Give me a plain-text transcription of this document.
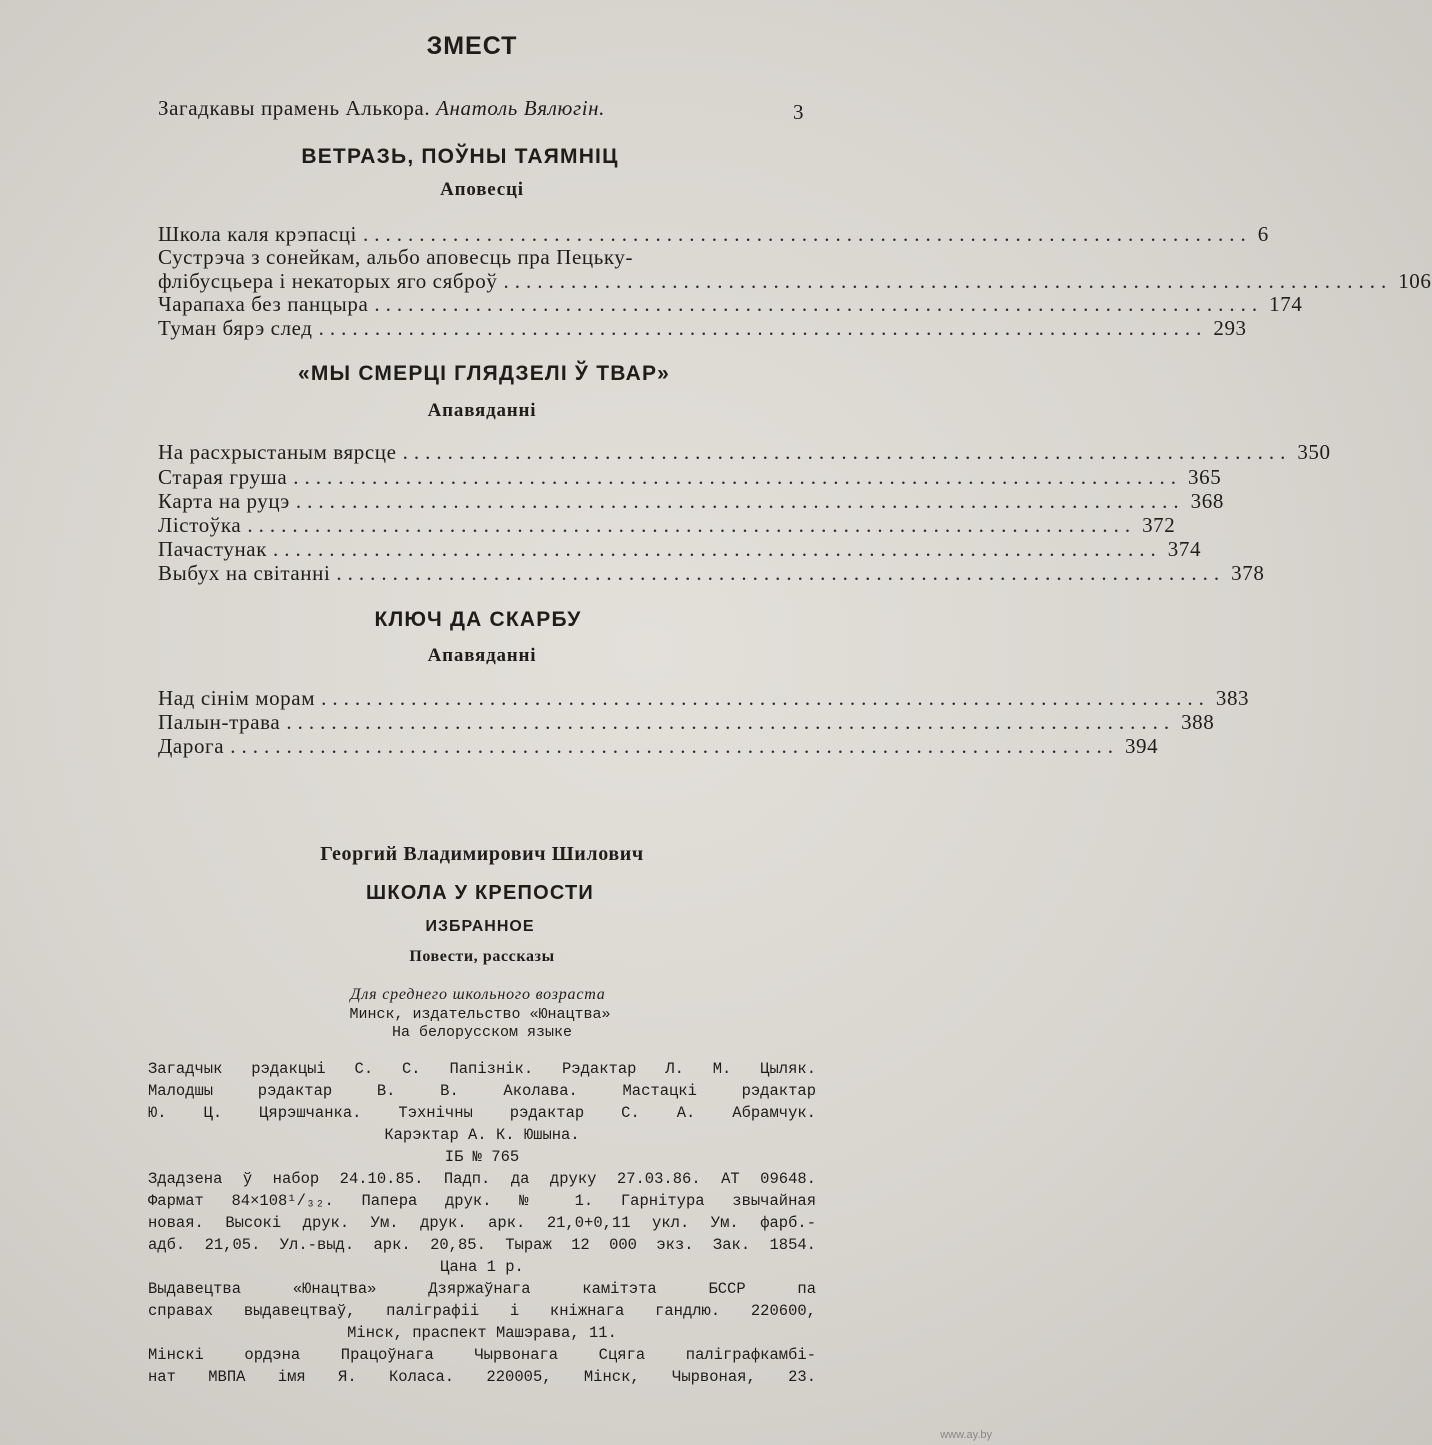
ЗМЕСТ

Загадкавы прамень Алькора. Анатоль Вялюгін.	3
ВЕТРАЗЬ, ПОЎНЫ ТАЯМНІЦ
Аповесці
Школа каля крэпасці ............................................................................... 6
Сустрэча з сонейкам, альбо аповесць пра Пецьку-
флібусцьера і некаторых яго сяброў ............................................................................... 106
Чарапаха без панцыра ............................................................................... 174
Туман бярэ след ............................................................................... 293
«МЫ СМЕРЦІ ГЛЯДЗЕЛІ Ў ТВАР»
Апавяданні
На расхрыстаным вярсце ............................................................................... 350
Старая груша ............................................................................... 365
Карта на руцэ ............................................................................... 368
Лістоўка ............................................................................... 372
Пачастунак ............................................................................... 374
Выбух на світанні ............................................................................... 378
КЛЮЧ ДА СКАРБУ
Апавяданні
Над сінім морам ............................................................................... 383
Палын-трава ............................................................................... 388
Дарога ............................................................................... 394
Георгий Владимирович Шилович
ШКОЛА У КРЕПОСТИ
ИЗБРАННОЕ
Повести, рассказы
Для среднего школьного возраста
Минск, издательство «Юнацтва»
На белорусском языке
Загадчык рэдакцыі С. С. Папізнік. Рэдактар Л. М. Цыляк.
Малодшы рэдактар В. В. Аколава. Мастацкі рэдактар
Ю. Ц. Цярэшчанка. Тэхнічны рэдактар С. А. Абрамчук.
Карэктар А. К. Юшына.
ІБ № 765
Здадзена ў набор 24.10.85. Падп. да друку 27.03.86. АТ 09648.
Фармат 84×108¹/₃₂. Папера друк. № 1. Гарнітура звычайная
новая. Высокі друк. Ум. друк. арк. 21,0+0,11 укл. Ум. фарб.-
адб. 21,05. Ул.-выд. арк. 20,85. Тыраж 12 000 экз. Зак. 1854.
Цана 1 р.
Выдавецтва «Юнацтва» Дзяржаўнага камітэта БССР па
справах выдавецтваў, паліграфіі і кніжнага гандлю. 220600,
Мінск, праспект Машэрава, 11.
Мінскі ордэна Працоўнага Чырвонага Сцяга паліграфкамбі-
нат МВПА імя Я. Коласа. 220005, Мінск, Чырвоная, 23.
www.ay.by
